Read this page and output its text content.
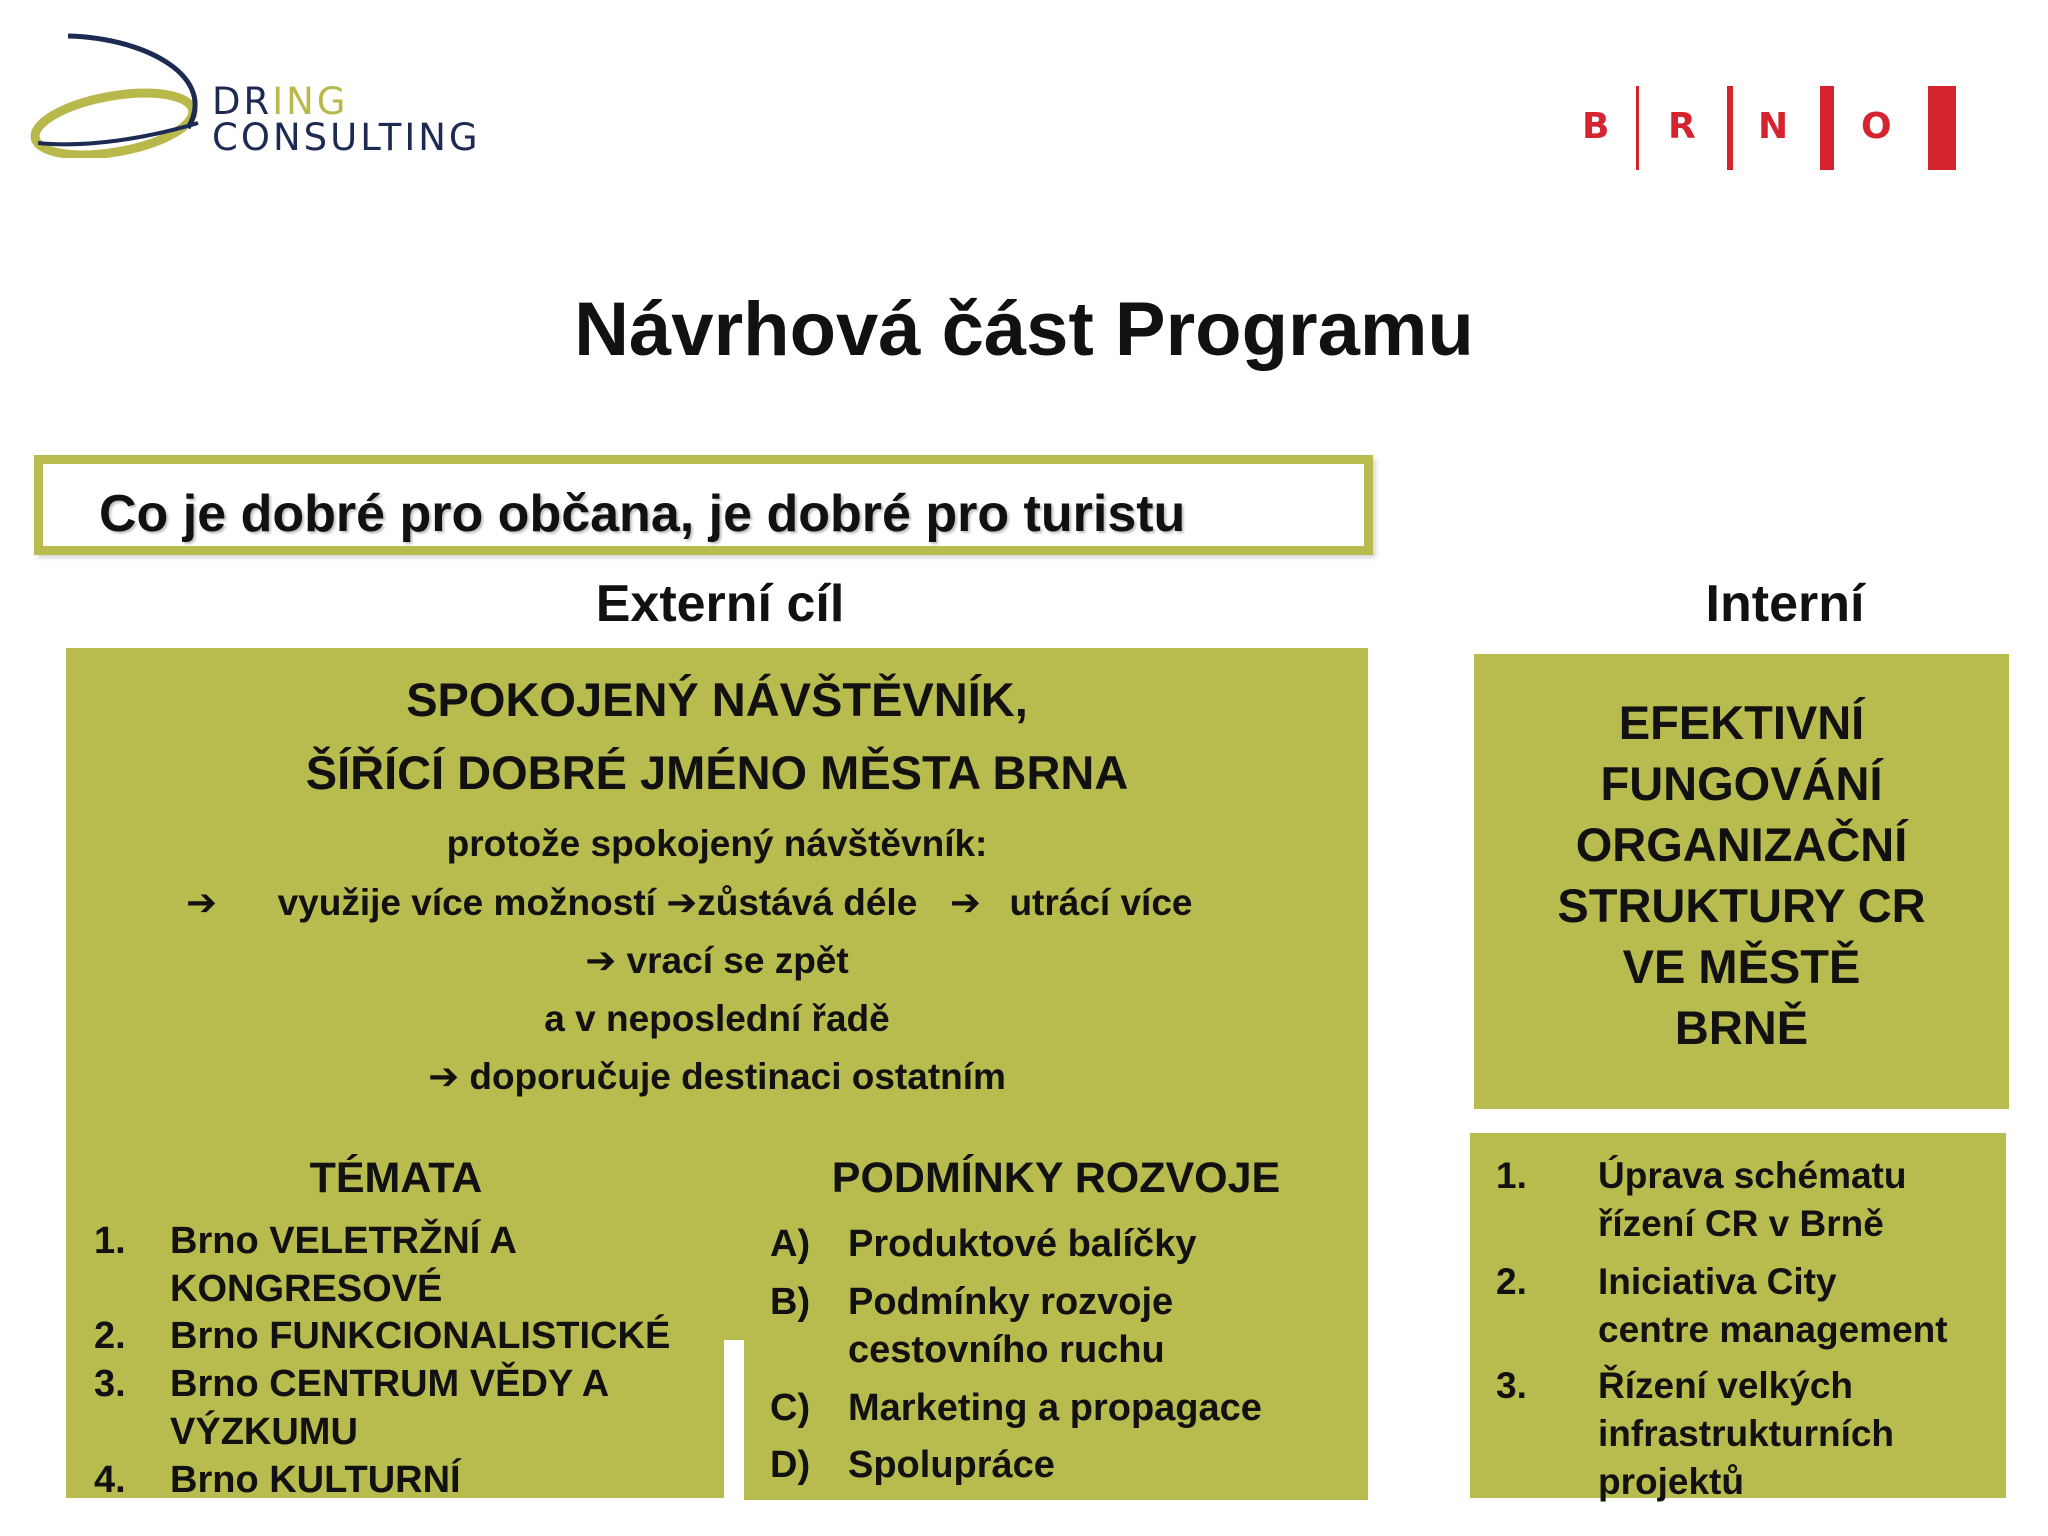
DRING
CONSULTING	B R N O
Návrhová část Programu
Co je dobré pro občana, je dobré pro turistu
Externí cíl	Interní
SPOKOJENÝ NÁVŠTĚVNÍK,
ŠÍŘÍCÍ DOBRÉ JMÉNO MĚSTA BRNA
protože spokojený návštěvník:
➔ využije více možností ➔zůstává déle ➔ utrácí více
➔ vrací se zpět
a v neposlední řadě
➔ doporučuje destinaci ostatním
TÉMATA
1. Brno VELETRŽNÍ A
KONGRESOVÉ
2. Brno FUNKCIONALISTICKÉ
3. Brno CENTRUM VĚDY A
VÝZKUMU
4. Brno KULTURNÍ
PODMÍNKY ROZVOJE
A) Produktové balíčky
B) Podmínky rozvoje
cestovního ruchu
C) Marketing a propagace
D) Spolupráce
EFEKTIVNÍ
FUNGOVÁNÍ
ORGANIZAČNÍ
STRUKTURY CR
VE MĚSTĚ
BRNĚ
1. Úprava schématu
řízení CR v Brně
2. Iniciativa City
centre management
3. Řízení velkých
infrastrukturních
projektů
